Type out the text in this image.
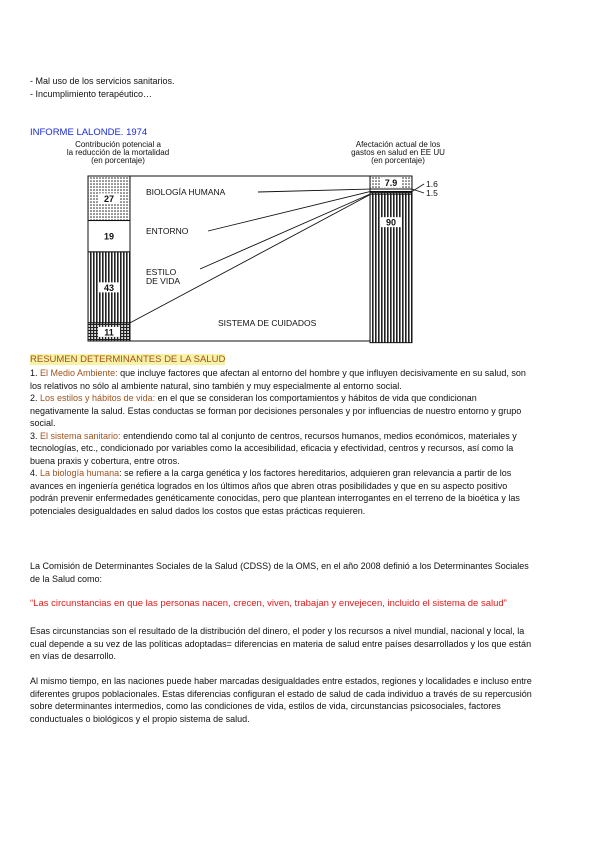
- Mal uso de los servicios sanitarios.
- Incumplimiento terapéutico…
INFORME LALONDE. 1974
Contribución potencial a
la reducción de la mortalidad
(en porcentaje)
Afectación actual de los
gastos en salud en EE UU
(en porcentaje)
BIOLOGÍA HUMANA
ENTORNO
ESTILO
DE VIDA
SISTEMA DE CUIDADOS
27
19
43
11
7.9	1.6
1.5
90
RESUMEN DETERMINANTES DE LA SALUD
1. El Medio Ambiente: que incluye factores que afectan al entorno del hombre y que influyen decisivamente en su salud, son
los relativos no sólo al ambiente natural, sino también y muy especialmente al entorno social.
2. Los estilos y hábitos de vida: en el que se consideran los comportamientos y hábitos de vida que condicionan
negativamente la salud. Estas conductas se forman por decisiones personales y por influencias de nuestro entorno y grupo
social.
3. El sistema sanitario: entendiendo como tal al conjunto de centros, recursos humanos, medios económicos, materiales y
tecnologías, etc., condicionado por variables como la accesibilidad, eficacia y efectividad, centros y recursos, así como la
buena praxis y cobertura, entre otros.
4. La biología humana: se refiere a la carga genética y los factores hereditarios, adquieren gran relevancia a partir de los
avances en ingeniería genética logrados en los últimos años que abren otras posibilidades y que en su aspecto positivo
podrán prevenir enfermedades genéticamente conocidas, pero que plantean interrogantes en el terreno de la bioética y las
potenciales desigualdades en salud dados los costos que estas prácticas requieren.
La Comisión de Determinantes Sociales de la Salud (CDSS) de la OMS, en el año 2008 definió a los Determinantes Sociales
de la Salud como:
“Las circunstancias en que las personas nacen, crecen, viven, trabajan y envejecen, incluido el sistema de salud”
Esas circunstancias son el resultado de la distribución del dinero, el poder y los recursos a nivel mundial, nacional y local, la
cual depende a su vez de las políticas adoptadas= diferencias en materia de salud entre países desarrollados y los que están
en vías de desarrollo.
Al mismo tiempo, en las naciones puede haber marcadas desigualdades entre estados, regiones y localidades e incluso entre
diferentes grupos poblacionales. Estas diferencias configuran el estado de salud de cada individuo a través de su repercusión
sobre determinantes intermedios, como las condiciones de vida, estilos de vida, circunstancias psicosociales, factores
conductuales o biológicos y el propio sistema de salud.
